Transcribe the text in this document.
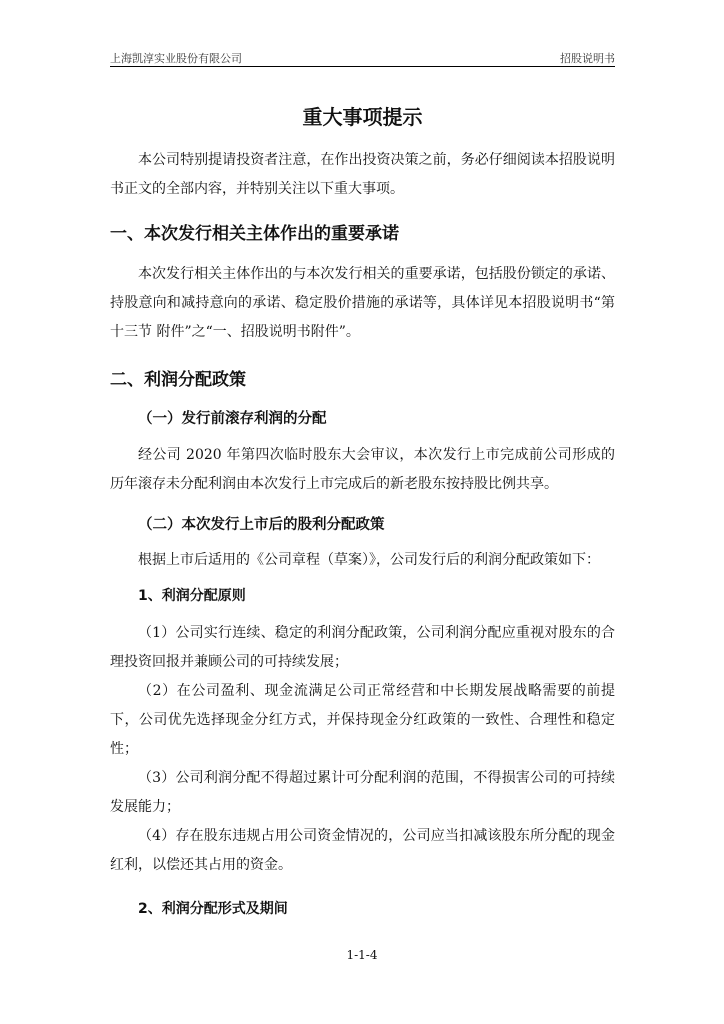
上海凯淳实业股份有限公司	招股说明书
重大事项提示

本公司特别提请投资者注意，在作出投资决策之前，务必仔细阅读本招股说明书正文的全部内容，并特别关注以下重大事项。

一、本次发行相关主体作出的重要承诺

本次发行相关主体作出的与本次发行相关的重要承诺，包括股份锁定的承诺、持股意向和减持意向的承诺、稳定股价措施的承诺等，具体详见本招股说明书“第十三节 附件”之“一、招股说明书附件”。

二、利润分配政策
（一）发行前滚存利润的分配

经公司 2020 年第四次临时股东大会审议，本次发行上市完成前公司形成的历年滚存未分配利润由本次发行上市完成后的新老股东按持股比例共享。

（二）本次发行上市后的股利分配政策

根据上市后适用的《公司章程（草案）》，公司发行后的利润分配政策如下：

1、利润分配原则

（1）公司实行连续、稳定的利润分配政策，公司利润分配应重视对股东的合理投资回报并兼顾公司的可持续发展；

（2）在公司盈利、现金流满足公司正常经营和中长期发展战略需要的前提下，公司优先选择现金分红方式，并保持现金分红政策的一致性、合理性和稳定性；

（3）公司利润分配不得超过累计可分配利润的范围，不得损害公司的可持续发展能力；

（4）存在股东违规占用公司资金情况的，公司应当扣减该股东所分配的现金红利，以偿还其占用的资金。

2、利润分配形式及期间
1-1-4
